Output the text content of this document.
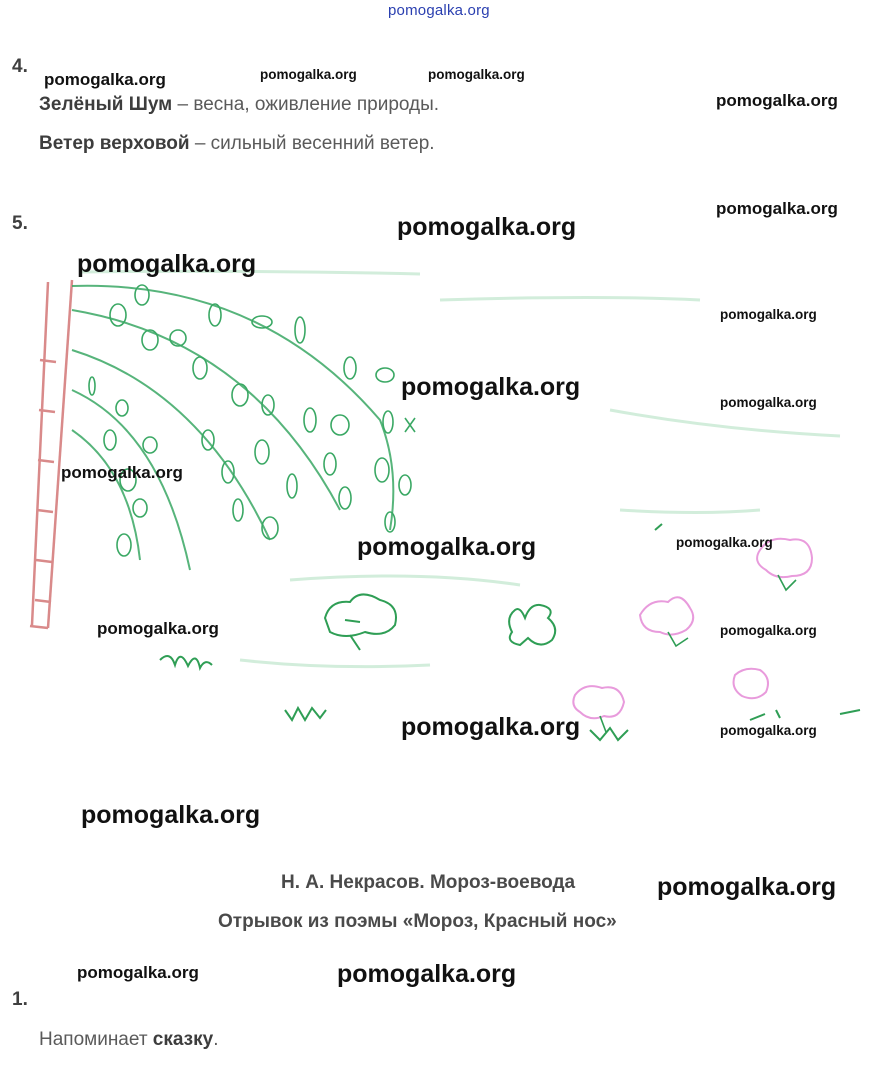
pomogalka.org
4.
Зелёный Шум – весна, оживление природы.
Ветер верховой – сильный весенний ветер.
5.
Н. А. Некрасов. Мороз-воевода
Отрывок из поэмы «Мороз, Красный нос»
1.
Напоминает сказку.
pomogalka.org	pomogalka.org	pomogalka.org
pomogalka.org
pomogalka.org
pomogalka.org
pomogalka.org
pomogalka.org
pomogalka.org
pomogalka.org
pomogalka.org
pomogalka.org
pomogalka.org
pomogalka.org	pomogalka.org
pomogalka.org	pomogalka.org
pomogalka.org
pomogalka.org
pomogalka.org	pomogalka.org
